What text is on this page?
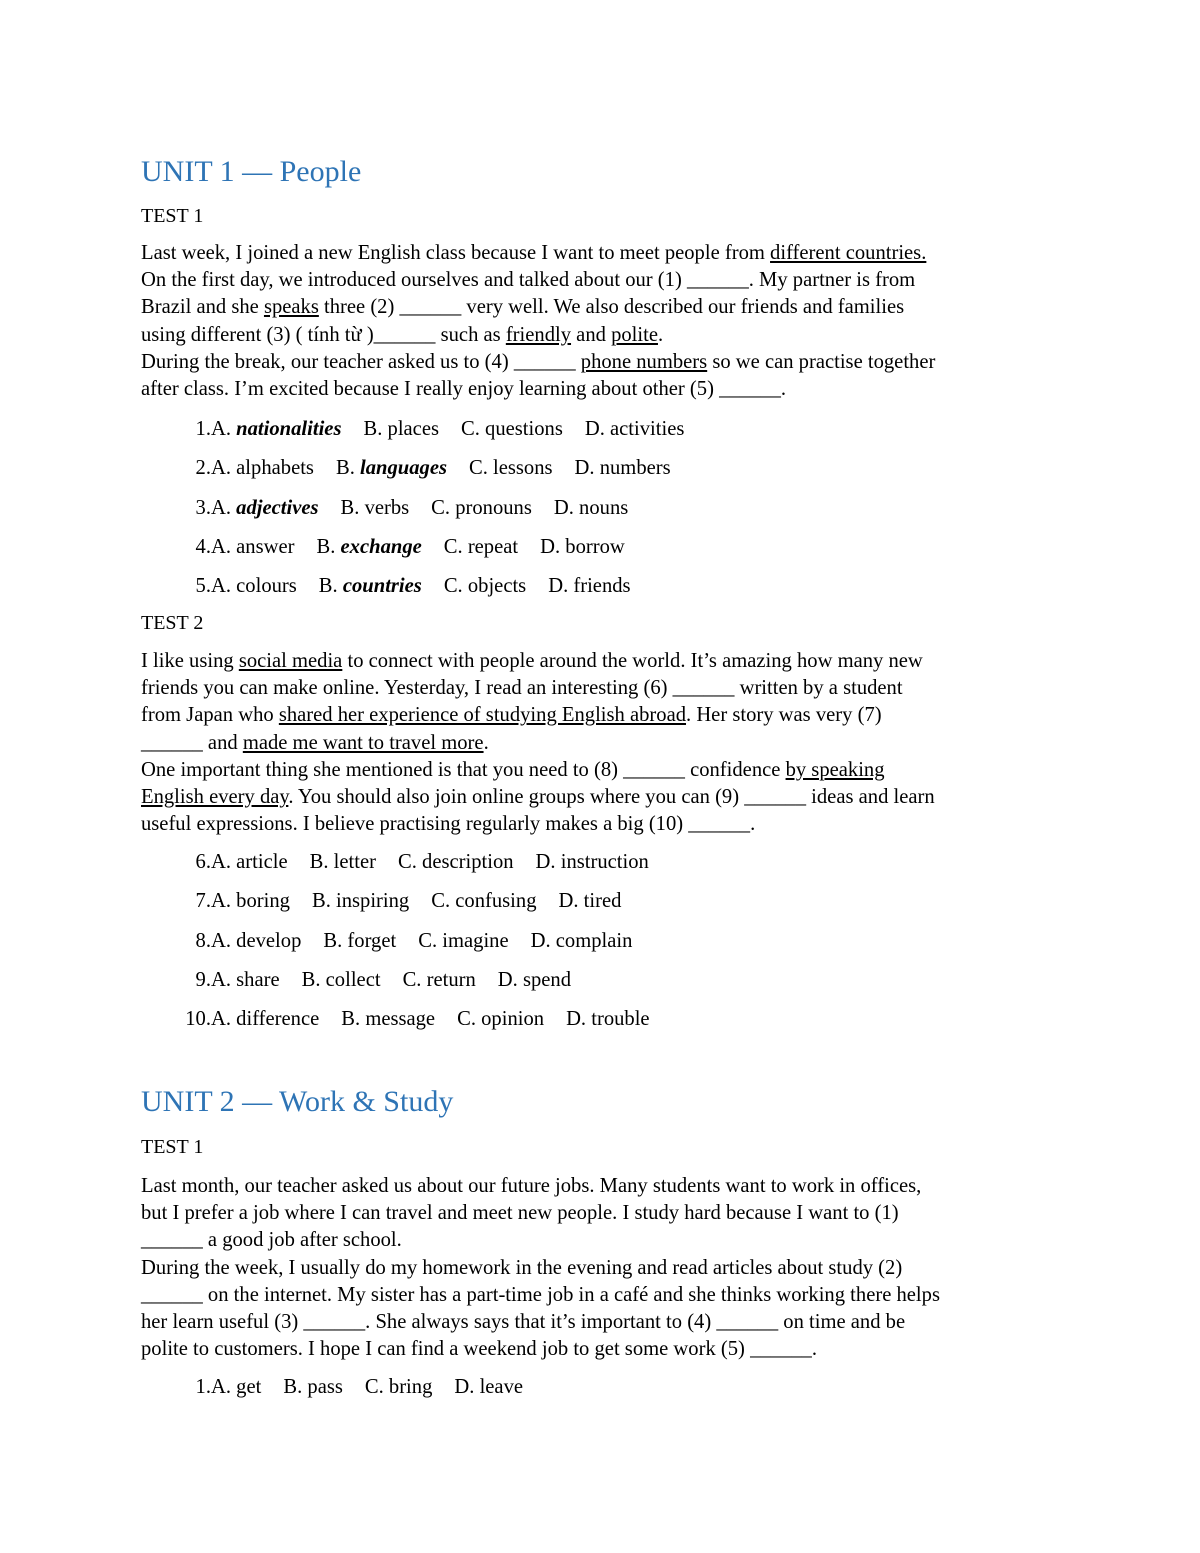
UNIT 1 — People
TEST 1
Last week, I joined a new English class because I want to meet people from different countries.
On the first day, we introduced ourselves and talked about our (1) ______. My partner is from
Brazil and she speaks three (2) ______ very well. We also described our friends and families
using different (3) ( tính từ )______ such as friendly and polite.
During the break, our teacher asked us to (4) ______ phone numbers so we can practise together
after class. I’m excited because I really enjoy learning about other (5) ______.
1. A. nationalities B. places C. questions D. activities
2. A. alphabets B. languages C. lessons D. numbers
3. A. adjectives B. verbs C. pronouns D. nouns
4. A. answer B. exchange C. repeat D. borrow
5. A. colours B. countries C. objects D. friends
TEST 2
I like using social media to connect with people around the world. It’s amazing how many new
friends you can make online. Yesterday, I read an interesting (6) ______ written by a student
from Japan who shared her experience of studying English abroad. Her story was very (7)
______ and made me want to travel more.
One important thing she mentioned is that you need to (8) ______ confidence by speaking
English every day. You should also join online groups where you can (9) ______ ideas and learn
useful expressions. I believe practising regularly makes a big (10) ______.
6. A. article B. letter C. description D. instruction
7. A. boring B. inspiring C. confusing D. tired
8. A. develop B. forget C. imagine D. complain
9. A. share B. collect C. return D. spend
10. A. difference B. message C. opinion D. trouble
UNIT 2 — Work & Study
TEST 1
Last month, our teacher asked us about our future jobs. Many students want to work in offices,
but I prefer a job where I can travel and meet new people. I study hard because I want to (1)
______ a good job after school.
During the week, I usually do my homework in the evening and read articles about study (2)
______ on the internet. My sister has a part-time job in a café and she thinks working there helps
her learn useful (3) ______. She always says that it’s important to (4) ______ on time and be
polite to customers. I hope I can find a weekend job to get some work (5) ______.
1. A. get B. pass C. bring D. leave
